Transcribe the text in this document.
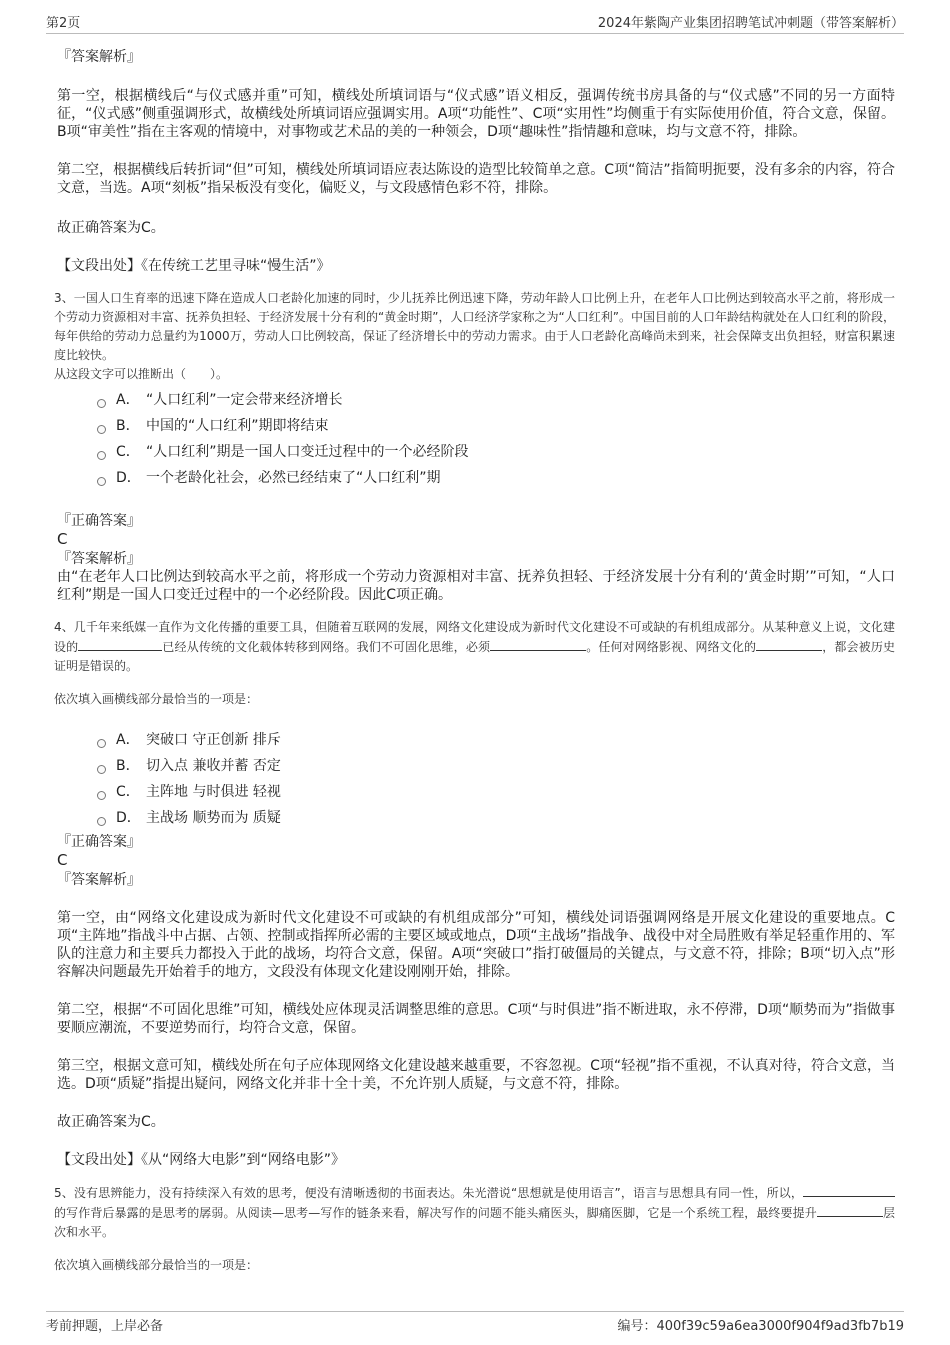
第2页	2024年紫陶产业集团招聘笔试冲刺题（带答案解析）

『答案解析』

第一空，根据横线后“与仪式感并重”可知，横线处所填词语与“仪式感”语义相反，强调传统书房具备的与“仪式感”不同的另一方面特征，“仪式感”侧重强调形式，故横线处所填词语应强调实用。A项“功能性”、C项“实用性”均侧重于有实际使用价值，符合文意，保留。B项“审美性”指在主客观的情境中，对事物或艺术品的美的一种领会，D项“趣味性”指情趣和意味，均与文意不符，排除。

第二空，根据横线后转折词“但”可知，横线处所填词语应表达陈设的造型比较简单之意。C项“简洁”指简明扼要，没有多余的内容，符合文意，当选。A项“刻板”指呆板没有变化，偏贬义，与文段感情色彩不符，排除。

故正确答案为C。

【文段出处】《在传统工艺里寻味“慢生活”》

3、一国人口生育率的迅速下降在造成人口老龄化加速的同时，少儿抚养比例迅速下降，劳动年龄人口比例上升，在老年人口比例达到较高水平之前，将形成一个劳动力资源相对丰富、抚养负担轻、于经济发展十分有利的“黄金时期”，人口经济学家称之为“人口红利”。中国目前的人口年龄结构就处在人口红利的阶段，每年供给的劳动力总量约为1000万，劳动人口比例较高，保证了经济增长中的劳动力需求。由于人口老龄化高峰尚未到来，社会保障支出负担轻，财富积累速度比较快。

从这段文字可以推断出（　　）。

A． “人口红利”一定会带来经济增长
B． 中国的“人口红利”期即将结束
C． “人口红利”期是一国人口变迁过程中的一个必经阶段
D． 一个老龄化社会，必然已经结束了“人口红利”期

『正确答案』

C

『答案解析』

由“在老年人口比例达到较高水平之前，将形成一个劳动力资源相对丰富、抚养负担轻、于经济发展十分有利的‘黄金时期’”可知，“人口红利”期是一国人口变迁过程中的一个必经阶段。因此C项正确。

4、几千年来纸媒一直作为文化传播的重要工具，但随着互联网的发展，网络文化建设成为新时代文化建设不可或缺的有机组成部分。从某种意义上说，文化建设的	已经从传统的文化载体转移到网络。我们不可固化思维，必须	。任何对网络影视、网络文化的	，都会被历史证明是错误的。

依次填入画横线部分最恰当的一项是：

A． 突破口 守正创新 排斥
B． 切入点 兼收并蓄 否定
C． 主阵地 与时俱进 轻视
D． 主战场 顺势而为 质疑

『正确答案』

C

『答案解析』

第一空，由“网络文化建设成为新时代文化建设不可或缺的有机组成部分”可知，横线处词语强调网络是开展文化建设的重要地点。C项“主阵地”指战斗中占据、占领、控制或指挥所必需的主要区域或地点，D项“主战场”指战争、战役中对全局胜败有举足轻重作用的、军队的注意力和主要兵力都投入于此的战场，均符合文意，保留。A项“突破口”指打破僵局的关键点，与文意不符，排除；B项“切入点”形容解决问题最先开始着手的地方，文段没有体现文化建设刚刚开始，排除。

第二空，根据“不可固化思维”可知，横线处应体现灵活调整思维的意思。C项“与时俱进”指不断进取，永不停滞，D项“顺势而为”指做事要顺应潮流，不要逆势而行，均符合文意，保留。

第三空，根据文意可知，横线处所在句子应体现网络文化建设越来越重要，不容忽视。C项“轻视”指不重视，不认真对待，符合文意，当选。D项“质疑”指提出疑问，网络文化并非十全十美，不允许别人质疑，与文意不符，排除。

故正确答案为C。

【文段出处】《从“网络大电影”到“网络电影”》

5、没有思辨能力，没有持续深入有效的思考，便没有清晰透彻的书面表达。朱光潜说“思想就是使用语言”，语言与思想具有同一性，所以，的写作背后暴露的是思考的孱弱。从阅读—思考—写作的链条来看，解决写作的问题不能头痛医头，脚痛医脚，它是一个系统工程，最终要提升	层次和水平。

依次填入画横线部分最恰当的一项是：

考前押题，上岸必备	编号：400f39c59a6ea3000f904f9ad3fb7b19
